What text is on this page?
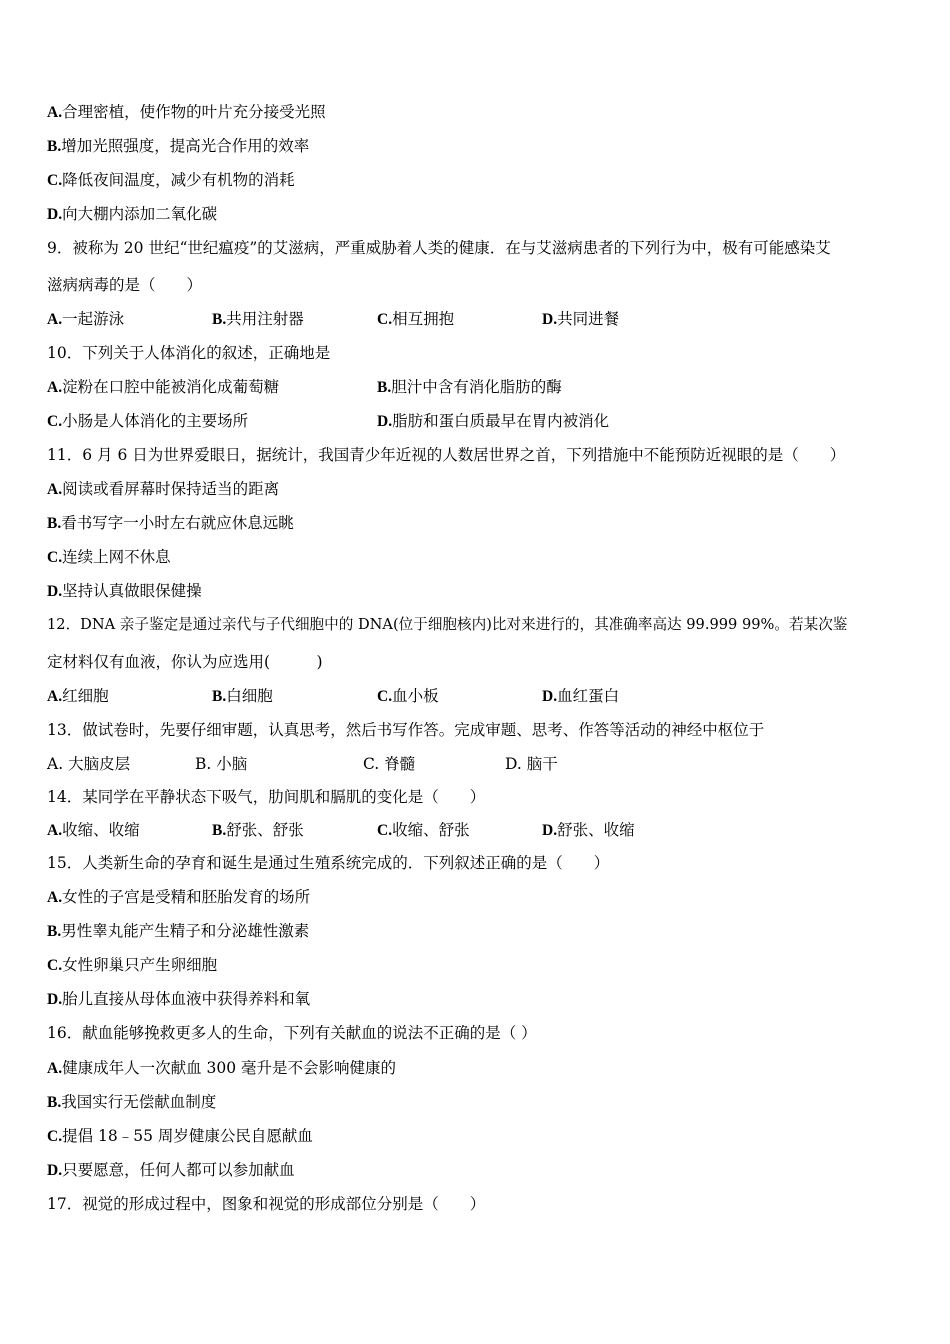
A.合理密植，使作物的叶片充分接受光照
B.增加光照强度，提高光合作用的效率
C.降低夜间温度，减少有机物的消耗
D.向大棚内添加二氧化碳
9．被称为 20 世纪“世纪瘟疫”的艾滋病，严重威胁着人类的健康．在与艾滋病患者的下列行为中，极有可能感染艾
滋病病毒的是（　　）
A.一起游泳	B.共用注射器	C.相互拥抱	D.共同进餐
10．下列关于人体消化的叙述，正确地是
A.淀粉在口腔中能被消化成葡萄糖	B.胆汁中含有消化脂肪的酶
C.小肠是人体消化的主要场所	D.脂肪和蛋白质最早在胃内被消化
11．6 月 6 日为世界爱眼日，据统计，我国青少年近视的人数居世界之首，下列措施中不能预防近视眼的是（　　）
A.阅读或看屏幕时保持适当的距离
B.看书写字一小时左右就应休息远眺
C.连续上网不休息
D.坚持认真做眼保健操
12．DNA 亲子鉴定是通过亲代与子代细胞中的 DNA(位于细胞核内)比对来进行的，其准确率高达 99.999 99%。若某次鉴
定材料仅有血液，你认为应选用(　　　)
A.红细胞	B.白细胞	C.血小板	D.血红蛋白
13．做试卷时，先要仔细审题，认真思考，然后书写作答。完成审题、思考、作答等活动的神经中枢位于
A. 大脑皮层	B. 小脑	C. 脊髓	D. 脑干
14．某同学在平静状态下吸气，肋间肌和膈肌的变化是（　　）
A.收缩、收缩	B.舒张、舒张	C.收缩、舒张	D.舒张、收缩
15．人类新生命的孕育和诞生是通过生殖系统完成的．下列叙述正确的是（　　）
A.女性的子宫是受精和胚胎发育的场所
B.男性睾丸能产生精子和分泌雄性激素
C.女性卵巢只产生卵细胞
D.胎儿直接从母体血液中获得养料和氧
16．献血能够挽救更多人的生命，下列有关献血的说法不正确的是（ ）
A.健康成年人一次献血 300 毫升是不会影响健康的
B.我国实行无偿献血制度
C.提倡 18﹣55 周岁健康公民自愿献血
D.只要愿意，任何人都可以参加献血
17．视觉的形成过程中，图象和视觉的形成部位分别是（　　）
